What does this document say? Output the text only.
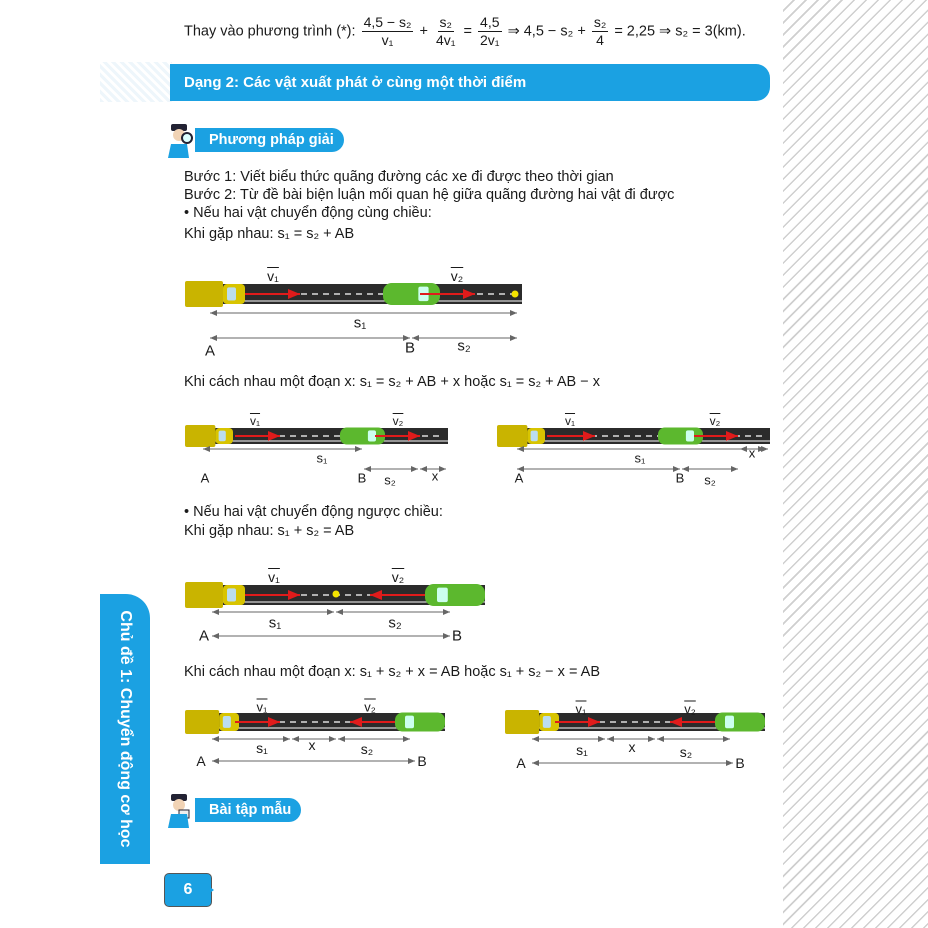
Thay vào phương trình (*): $\frac{\text{4,5 − s₂}}{\text{v₁}} + \frac{\text{s₂}}{\text{4v₁}} = \frac{4,5}{\text{2v₁}}$ ⇒ $4,5 - s_2 + \frac{\text{s₂}}{4} = 2,25$ ⇒ s₂ = 3(km).
Dạng 2: Các vật xuất phát ở cùng một thời điểm
Phương pháp giải
Bước 1: Viết biểu thức quãng đường các xe đi được theo thời gian
Bước 2: Từ đề bài biện luận mối quan hệ giữa quãng đường hai vật đi được
• Nếu hai vật chuyển động cùng chiều:
Khi gặp nhau: s₁ = s₂ + AB
Khi cách nhau một đoạn x: s₁ = s₂ + AB + x hoặc s₁ = s₂ + AB − x
• Nếu hai vật chuyển động ngược chiều:
Khi gặp nhau: s₁ + s₂ = AB
Khi cách nhau một đoạn x: s₁ + s₂ + x = AB hoặc s₁ + s₂ − x = AB
v₁	v₂
s₁
A	B	s₂
v₁	v₂
s₁
A	B s₂	x
v₁	v₂
s₁
A	B s₂
x
v₁	v₂
s₁	s₂
A	B
v₁	v₂
s₁	x	s₂
A	B
v₁	v₂
s₁	x	s₂
A	B
Bài tập mẫu
Chủ đề 1: Chuyển động cơ học
6
